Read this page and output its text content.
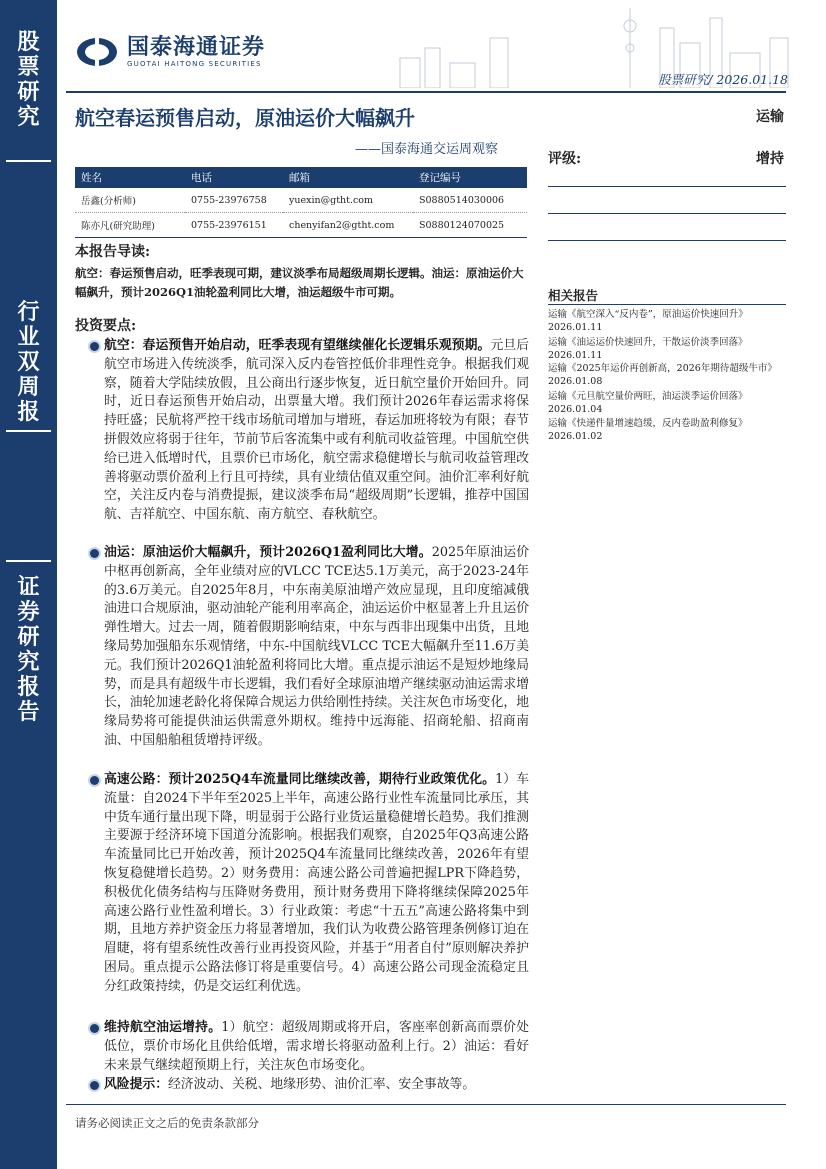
股
票
研
究
行
业
双
周
报
证
券
研
究
报
告
国泰海通证券
GUOTAI HAITONG SECURITIES
股票研究/ 2026.01.18
航空春运预售启动，原油运价大幅飙升
——国泰海通交运周观察
运输
评级:	增持
姓名	电话	邮箱	登记编号
岳鑫(分析师)	0755-23976758	yuexin@gtht.com	S0880514030006
陈亦凡(研究助理)	0755-23976151	chenyifan2@gtht.com	S0880124070025
本报告导读:
航空：春运预售启动，旺季表现可期，建议淡季布局超级周期长逻辑。油运：原油运价大幅飙升，预计2026Q1油轮盈利同比大增，油运超级牛市可期。
投资要点:
航空：春运预售开始启动，旺季表现有望继续催化长逻辑乐观预期。元旦后航空市场进入传统淡季，航司深入反内卷管控低价非理性竞争。根据我们观察，随着大学陆续放假，且公商出行逐步恢复，近日航空量价开始回升。同时，近日春运预售开始启动，出票量大增。我们预计2026年春运需求将保持旺盛；民航将严控干线市场航司增加与增班，春运加班将较为有限；春节拼假效应将弱于往年，节前节后客流集中或有利航司收益管理。中国航空供给已进入低增时代，且票价已市场化，航空需求稳健增长与航司收益管理改善将驱动票价盈利上行且可持续，具有业绩估值双重空间。油价汇率利好航空，关注反内卷与消费提振，建议淡季布局“超级周期”长逻辑，推荐中国国航、吉祥航空、中国东航、南方航空、春秋航空。
油运：原油运价大幅飙升，预计2026Q1盈利同比大增。2025年原油运价中枢再创新高，全年业绩对应的VLCC TCE达5.1万美元，高于2023-24年的3.6万美元。自2025年8月，中东南美原油增产效应显现，且印度缩减俄油进口合规原油，驱动油轮产能利用率高企，油运运价中枢显著上升且运价弹性增大。过去一周，随着假期影响结束，中东与西非出现集中出货，且地缘局势加强船东乐观情绪，中东-中国航线VLCC TCE大幅飙升至11.6万美元。我们预计2026Q1油轮盈利将同比大增。重点提示油运不是短炒地缘局势，而是具有超级牛市长逻辑，我们看好全球原油增产继续驱动油运需求增长，油轮加速老龄化将保障合规运力供给刚性持续。关注灰色市场变化，地缘局势将可能提供油运供需意外期权。维持中远海能、招商轮船、招商南油、中国船舶租赁增持评级。
高速公路：预计2025Q4车流量同比继续改善，期待行业政策优化。1）车流量：自2024下半年至2025上半年，高速公路行业性车流量同比承压，其中货车通行量出现下降，明显弱于公路行业货运量稳健增长趋势。我们推测主要源于经济环境下国道分流影响。根据我们观察，自2025年Q3高速公路车流量同比已开始改善，预计2025Q4车流量同比继续改善，2026年有望恢复稳健增长趋势。2）财务费用：高速公路公司普遍把握LPR下降趋势，积极优化债务结构与压降财务费用，预计财务费用下降将继续保障2025年高速公路行业性盈利增长。3）行业政策：考虑“十五五”高速公路将集中到期，且地方养护资金压力将显著增加，我们认为收费公路管理条例修订迫在眉睫，将有望系统性改善行业再投资风险，并基于“用者自付”原则解决养护困局。重点提示公路法修订将是重要信号。4）高速公路公司现金流稳定且分红政策持续，仍是交运红利优选。
维持航空油运增持。1）航空：超级周期或将开启，客座率创新高而票价处低位，票价市场化且供给低增，需求增长将驱动盈利上行。2）油运：看好未来景气继续超预期上行，关注灰色市场变化。
风险提示：经济波动、关税、地缘形势、油价汇率、安全事故等。
相关报告
运输《航空深入“反内卷”，原油运价快速回升》
2026.01.11
运输《油运运价快速回升，干散运价淡季回落》
2026.01.11
运输《2025年运价再创新高，2026年期待超级牛市》
2026.01.08
运输《元旦航空量价两旺，油运淡季运价回落》
2026.01.04
运输《快递件量增速趋缓，反内卷助盈利修复》
2026.01.02
请务必阅读正文之后的免责条款部分
